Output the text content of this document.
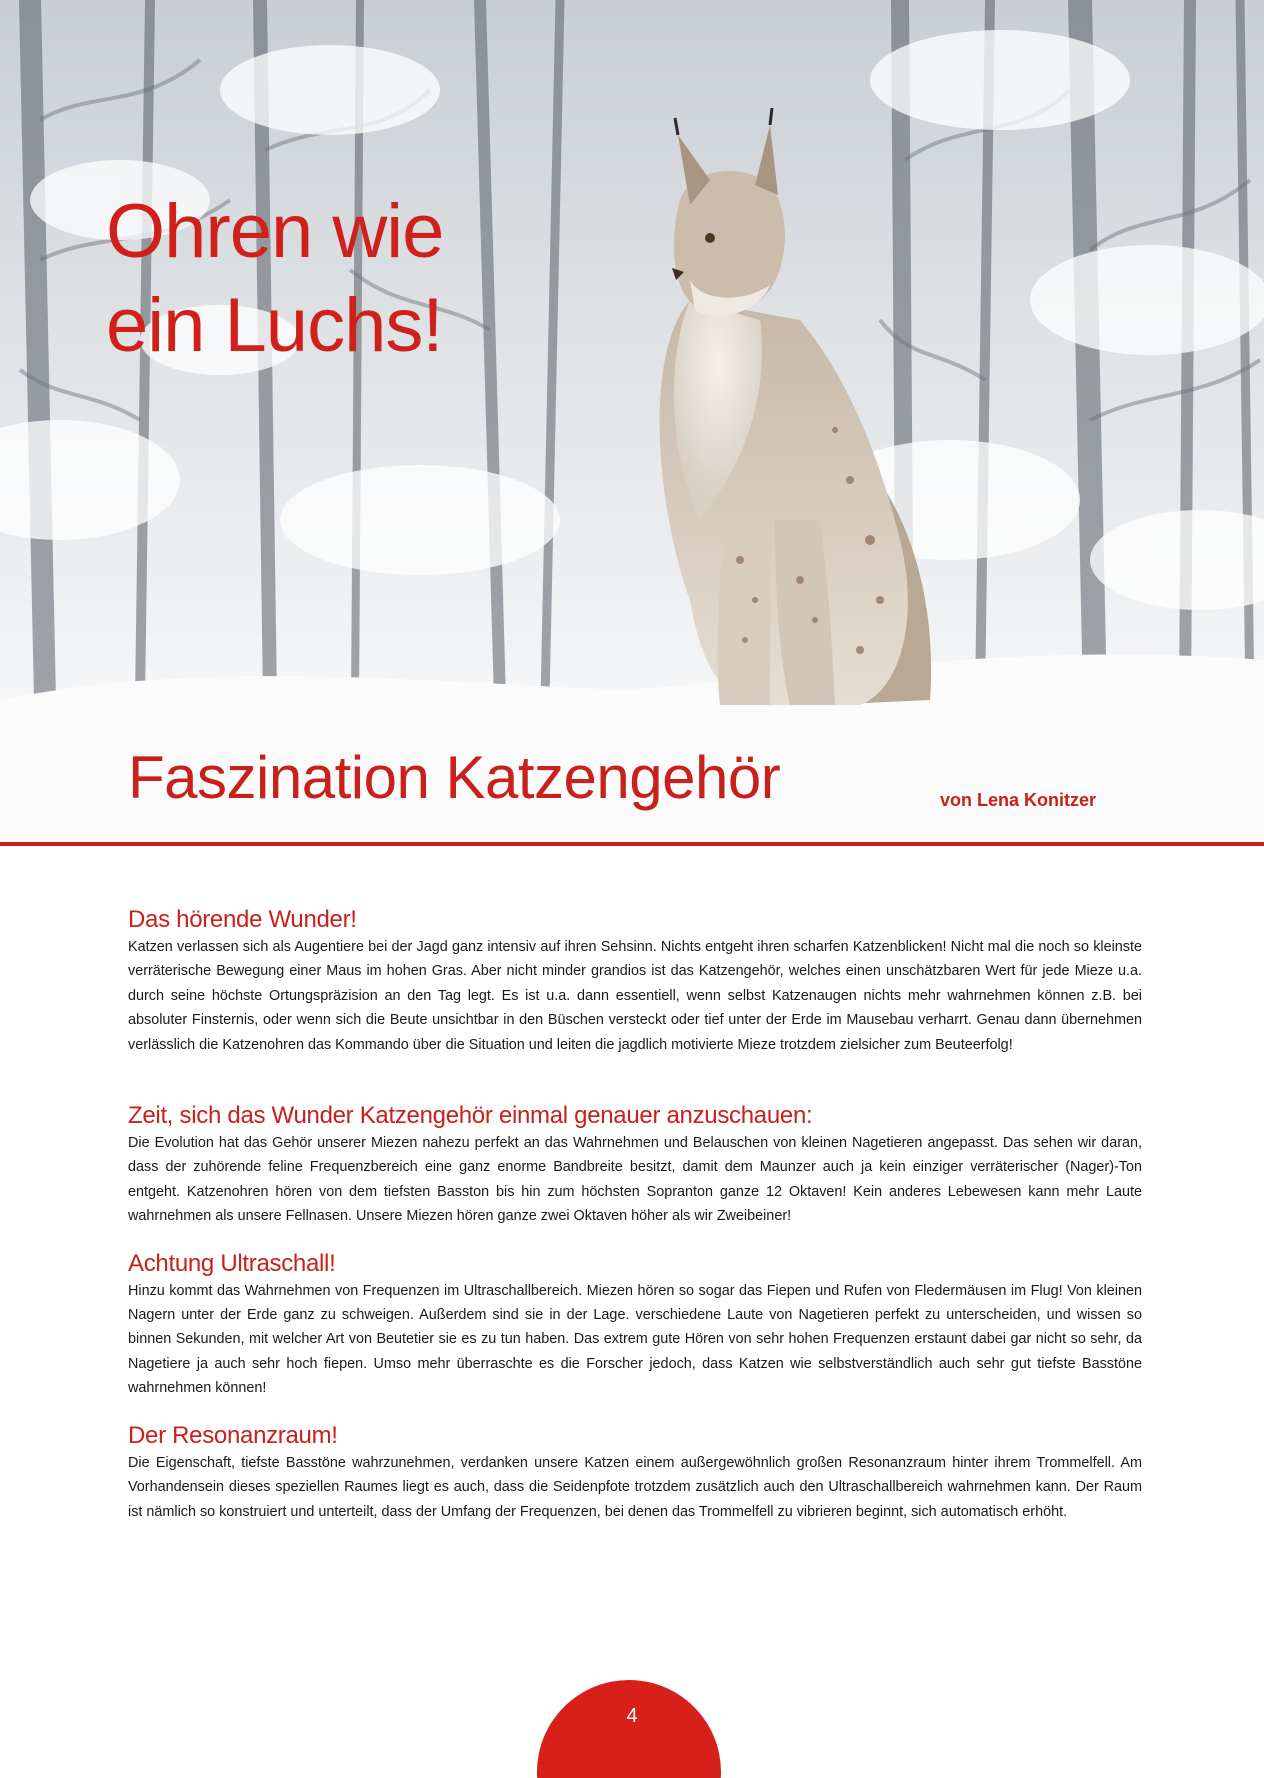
Ohren wie
ein Luchs!
Faszination Katzengehör	von Lena Konitzer
Das hörende Wunder!

Katzen verlassen sich als Augentiere bei der Jagd ganz intensiv auf ihren Sehsinn. Nichts entgeht ihren scharfen Katzenblicken! Nicht mal die noch so kleinste verräterische Bewegung einer Maus im hohen Gras. Aber nicht minder grandios ist das Katzengehör, welches einen unschätzbaren Wert für jede Mieze u.a. durch seine höchste Ortungspräzision an den Tag legt. Es ist u.a. dann essentiell, wenn selbst Katzenaugen nichts mehr wahrnehmen können z.B. bei absoluter Finsternis, oder wenn sich die Beute unsichtbar in den Büschen versteckt oder tief unter der Erde im Mausebau verharrt. Genau dann übernehmen verlässlich die Katzenohren das Kommando über die Situation und leiten die jagdlich motivierte Mieze trotzdem zielsicher zum Beuteerfolg!

Zeit, sich das Wunder Katzengehör einmal genauer anzuschauen:

Die Evolution hat das Gehör unserer Miezen nahezu perfekt an das Wahrnehmen und Belauschen von kleinen Nagetieren angepasst. Das sehen wir daran, dass der zuhörende feline Frequenzbereich eine ganz enorme Bandbreite besitzt, damit dem Maunzer auch ja kein einziger verräterischer (Nager)-Ton entgeht. Katzenohren hören von dem tiefsten Basston bis hin zum höchsten Sopranton ganze 12 Oktaven! Kein anderes Lebewesen kann mehr Laute wahrnehmen als unsere Fellnasen. Unsere Miezen hören ganze zwei Oktaven höher als wir Zweibeiner!

Achtung Ultraschall!

Hinzu kommt das Wahrnehmen von Frequenzen im Ultraschallbereich. Miezen hören so sogar das Fiepen und Rufen von Fledermäusen im Flug! Von kleinen Nagern unter der Erde ganz zu schweigen. Außerdem sind sie in der Lage. verschiedene Laute von Nagetieren perfekt zu unterscheiden, und wissen so binnen Sekunden, mit welcher Art von Beutetier sie es zu tun haben. Das extrem gute Hören von sehr hohen Frequenzen erstaunt dabei gar nicht so sehr, da Nagetiere ja auch sehr hoch fiepen. Umso mehr überraschte es die Forscher jedoch, dass Katzen wie selbstverständlich auch sehr gut tiefste Basstöne wahrnehmen können!

Der Resonanzraum!

Die Eigenschaft, tiefste Basstöne wahrzunehmen, verdanken unsere Katzen einem außergewöhnlich großen Resonanzraum hinter ihrem Trommelfell. Am Vorhandensein dieses speziellen Raumes liegt es auch, dass die Seidenpfote trotzdem zusätzlich auch den Ultraschallbereich wahrnehmen kann. Der Raum ist nämlich so konstruiert und unterteilt, dass der Umfang der Frequenzen, bei denen das Trommelfell zu vibrieren beginnt, sich automatisch erhöht.

4
